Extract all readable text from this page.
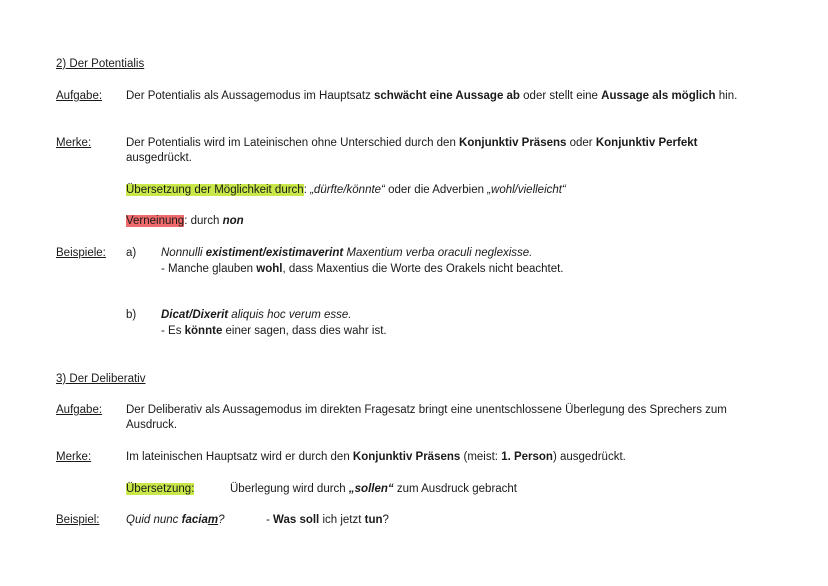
2) Der Potentialis
Aufgabe: Der Potentialis als Aussagemodus im Hauptsatz schwächt eine Aussage ab oder stellt eine Aussage als möglich hin.
Merke:	Der Potentialis wird im Lateinischen ohne Unterschied durch den Konjunktiv Präsens oder Konjunktiv Perfekt ausgedrückt.
Übersetzung der Möglichkeit durch: „dürfte/könnte“ oder die Adverbien „wohl/vielleicht“
Verneinung: durch non
Beispiele: a) Nonnulli existiment/existimaverint Maxentium verba oraculi neglexisse.
- Manche glauben wohl, dass Maxentius die Worte des Orakels nicht beachtet.
b) Dicat/Dixerit aliquis hoc verum esse.
- Es könnte einer sagen, dass dies wahr ist.
3) Der Deliberativ
Aufgabe: Der Deliberativ als Aussagemodus im direkten Fragesatz bringt eine unentschlossene Überlegung des Sprechers zum Ausdruck.
Merke:	Im lateinischen Hauptsatz wird er durch den Konjunktiv Präsens (meist: 1. Person) ausgedrückt.
Übersetzung:	Überlegung wird durch „sollen“ zum Ausdruck gebracht
Beispiel: Quid nunc faciam?	- Was soll ich jetzt tun?
